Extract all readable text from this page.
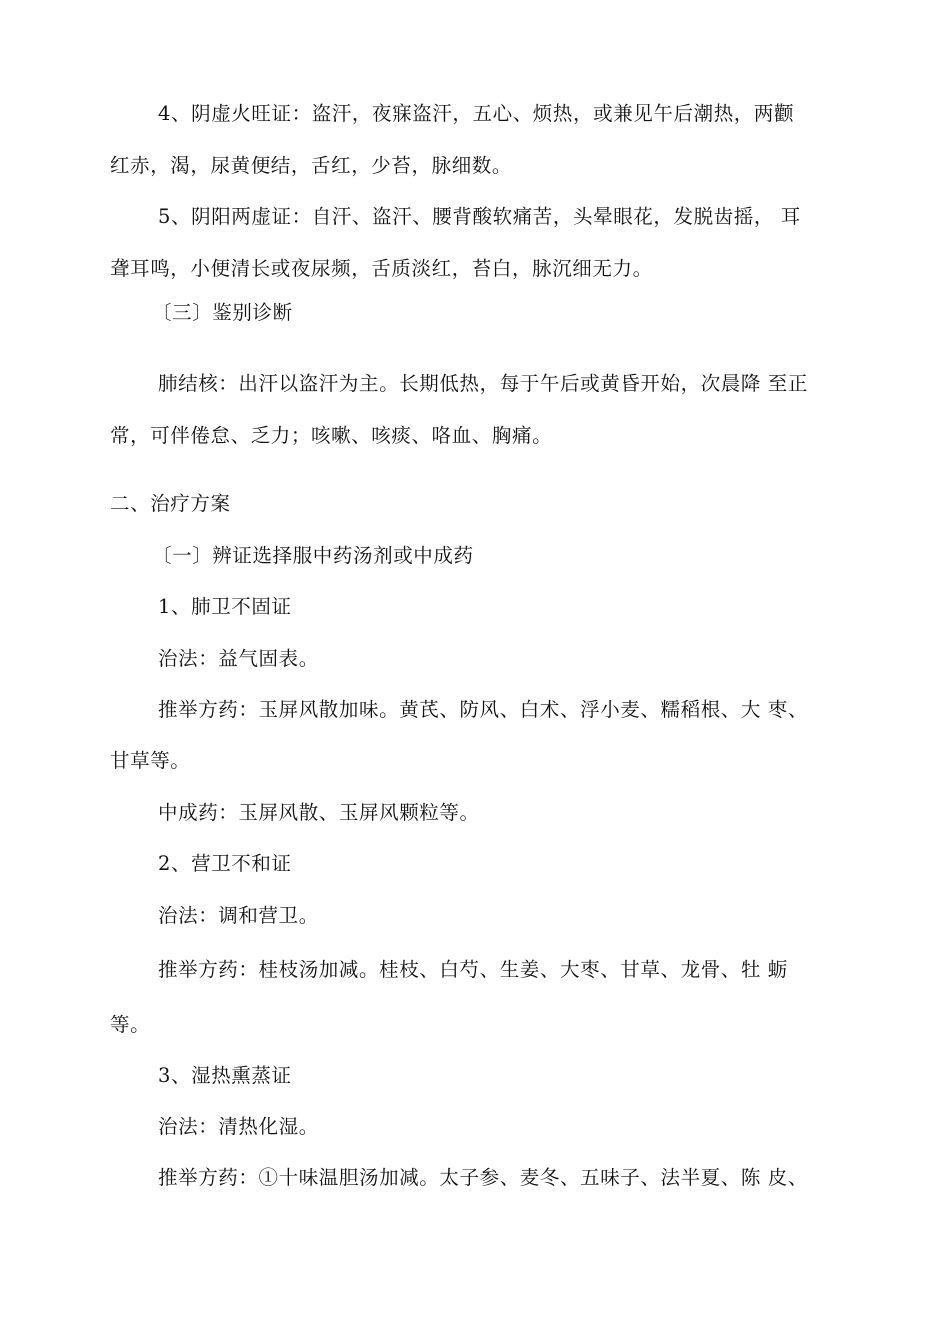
4、阴虚火旺证：盗汗，夜寐盗汗，五心、烦热，或兼见午后潮热，两颧
红赤，渴，尿黄便结，舌红，少苔，脉细数。
5、阴阳两虚证：自汗、盗汗、腰背酸软痛苦，头晕眼花，发脱齿摇， 耳
聋耳鸣，小便清长或夜尿频，舌质淡红，苔白，脉沉细无力。
〔三〕鉴别诊断
肺结核：出汗以盗汗为主。长期低热，每于午后或黄昏开始，次晨降 至正
常，可伴倦怠、乏力；咳嗽、咳痰、咯血、胸痛。
二、治疗方案
〔一〕辨证选择服中药汤剂或中成药
1、肺卫不固证
治法：益气固表。
推举方药：玉屏风散加味。黄芪、防风、白术、浮小麦、糯稻根、大 枣、
甘草等。
中成药：玉屏风散、玉屏风颗粒等。
2、营卫不和证
治法：调和营卫。
推举方药：桂枝汤加减。桂枝、白芍、生姜、大枣、甘草、龙骨、牡 蛎
等。
3、湿热熏蒸证
治法：清热化湿。
推举方药：①十味温胆汤加减。太子参、麦冬、五味子、法半夏、陈 皮、
